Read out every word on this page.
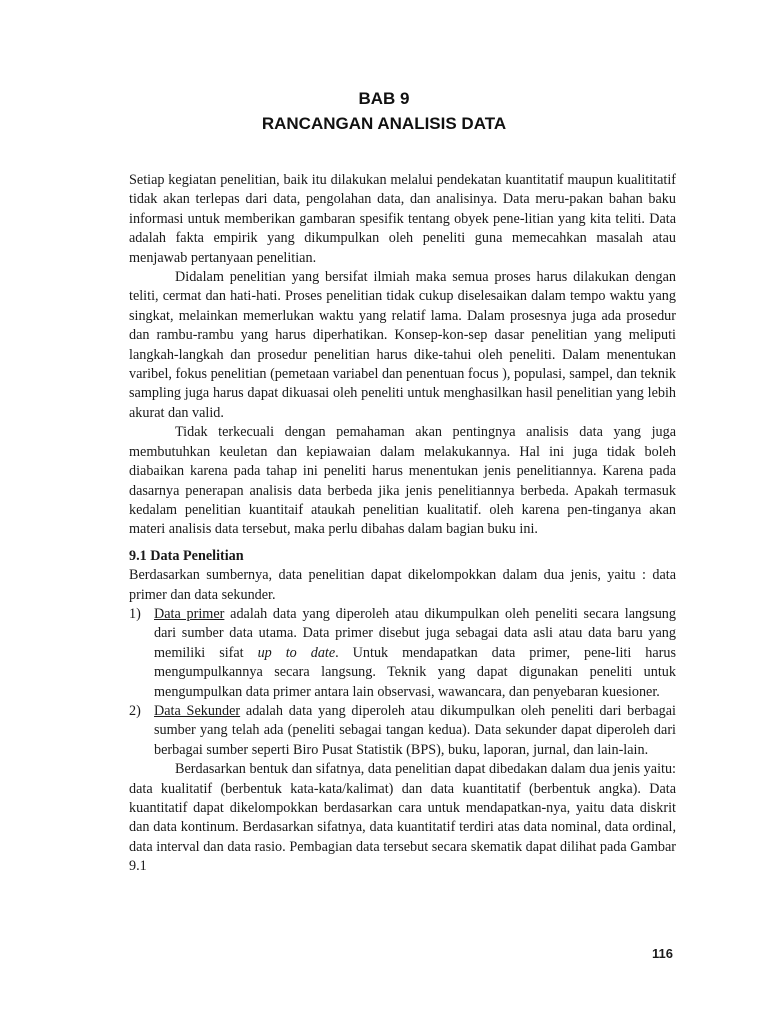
BAB 9
RANCANGAN ANALISIS DATA

Setiap kegiatan penelitian, baik itu dilakukan melalui pendekatan kuantitatif maupun kualititatif tidak akan terlepas dari data, pengolahan data, dan analisinya. Data meru-pakan bahan baku informasi untuk memberikan gambaran spesifik tentang obyek pene-litian yang kita teliti. Data adalah fakta empirik yang dikumpulkan oleh peneliti guna memecahkan masalah atau menjawab pertanyaan penelitian.

Didalam penelitian yang bersifat ilmiah maka semua proses harus dilakukan dengan teliti, cermat dan hati-hati. Proses penelitian tidak cukup diselesaikan dalam tempo waktu yang singkat, melainkan memerlukan waktu yang relatif lama. Dalam prosesnya juga ada prosedur dan rambu-rambu yang harus diperhatikan. Konsep-kon-sep dasar penelitian yang meliputi langkah-langkah dan prosedur penelitian harus dike-tahui oleh peneliti. Dalam menentukan varibel, fokus penelitian (pemetaan variabel dan penentuan focus ), populasi, sampel, dan teknik sampling juga harus dapat dikuasai oleh peneliti untuk menghasilkan hasil penelitian yang lebih akurat dan valid.

Tidak terkecuali dengan pemahaman akan pentingnya analisis data yang juga membutuhkan keuletan dan kepiawaian dalam melakukannya. Hal ini juga tidak boleh diabaikan karena pada tahap ini peneliti harus menentukan jenis penelitiannya. Karena pada dasarnya penerapan analisis data berbeda jika jenis penelitiannya berbeda. Apakah termasuk kedalam penelitian kuantitaif ataukah penelitian kualitatif. oleh karena pen-tinganya akan materi analisis data tersebut, maka perlu dibahas dalam bagian buku ini.

9.1 Data Penelitian

Berdasarkan sumbernya, data penelitian dapat dikelompokkan dalam dua jenis, yaitu : data primer dan data sekunder.

1) Data primer adalah data yang diperoleh atau dikumpulkan oleh peneliti secara langsung dari sumber data utama. Data primer disebut juga sebagai data asli atau data baru yang memiliki sifat up to date. Untuk mendapatkan data primer, pene-liti harus mengumpulkannya secara langsung. Teknik yang dapat digunakan peneliti untuk mengumpulkan data primer antara lain observasi, wawancara, dan penyebaran kuesioner.
2) Data Sekunder adalah data yang diperoleh atau dikumpulkan oleh peneliti dari berbagai sumber yang telah ada (peneliti sebagai tangan kedua). Data sekunder dapat diperoleh dari berbagai sumber seperti Biro Pusat Statistik (BPS), buku, laporan, jurnal, dan lain-lain.

Berdasarkan bentuk dan sifatnya, data penelitian dapat dibedakan dalam dua jenis yaitu: data kualitatif (berbentuk kata-kata/kalimat) dan data kuantitatif (berbentuk angka). Data kuantitatif dapat dikelompokkan berdasarkan cara untuk mendapatkan-nya, yaitu data diskrit dan data kontinum. Berdasarkan sifatnya, data kuantitatif terdiri atas data nominal, data ordinal, data interval dan data rasio. Pembagian data tersebut secara skematik dapat dilihat pada Gambar 9.1

116
